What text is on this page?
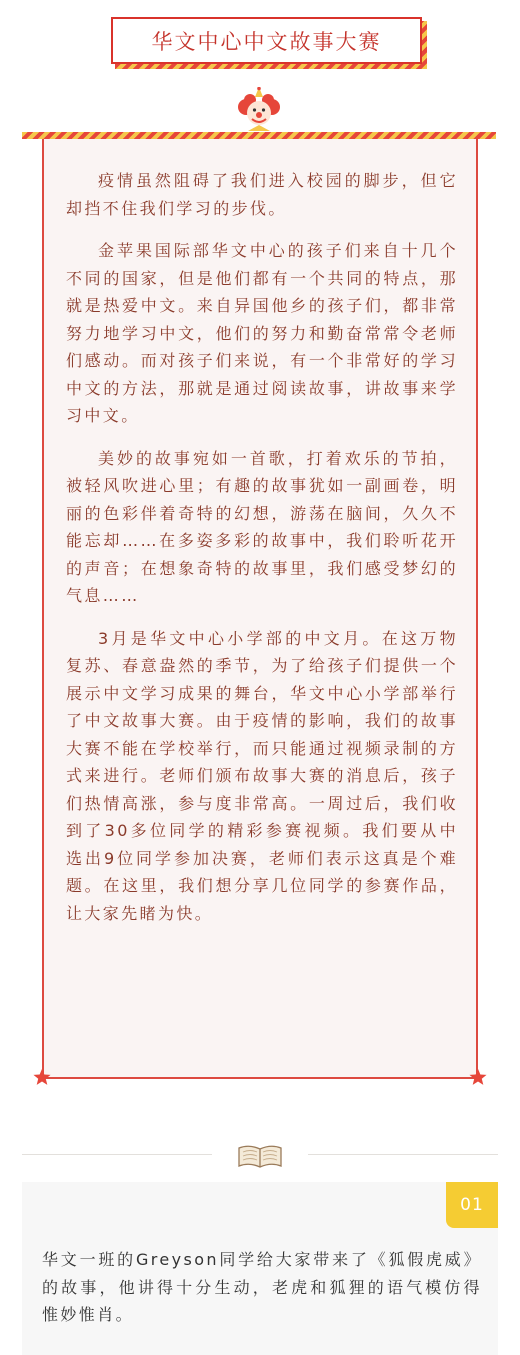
华文中心中文故事大赛

疫情虽然阻碍了我们进入校园的脚步，但它却挡不住我们学习的步伐。

金苹果国际部华文中心的孩子们来自十几个不同的国家，但是他们都有一个共同的特点，那就是热爱中文。来自异国他乡的孩子们，都非常努力地学习中文，他们的努力和勤奋常常令老师们感动。而对孩子们来说，有一个非常好的学习中文的方法，那就是通过阅读故事，讲故事来学习中文。

美妙的故事宛如一首歌，打着欢乐的节拍，被轻风吹进心里；有趣的故事犹如一副画卷，明丽的色彩伴着奇特的幻想，游荡在脑间，久久不能忘却……在多姿多彩的故事中，我们聆听花开的声音；在想象奇特的故事里，我们感受梦幻的气息……

3月是华文中心小学部的中文月。在这万物复苏、春意盎然的季节，为了给孩子们提供一个展示中文学习成果的舞台，华文中心小学部举行了中文故事大赛。由于疫情的影响，我们的故事大赛不能在学校举行，而只能通过视频录制的方式来进行。老师们颁布故事大赛的消息后，孩子们热情高涨，参与度非常高。一周过后，我们收到了30多位同学的精彩参赛视频。我们要从中选出9位同学参加决赛，老师们表示这真是个难题。在这里，我们想分享几位同学的参赛作品，让大家先睹为快。

01

华文一班的Greyson同学给大家带来了《狐假虎威》的故事，他讲得十分生动，老虎和狐狸的语气模仿得惟妙惟肖。
